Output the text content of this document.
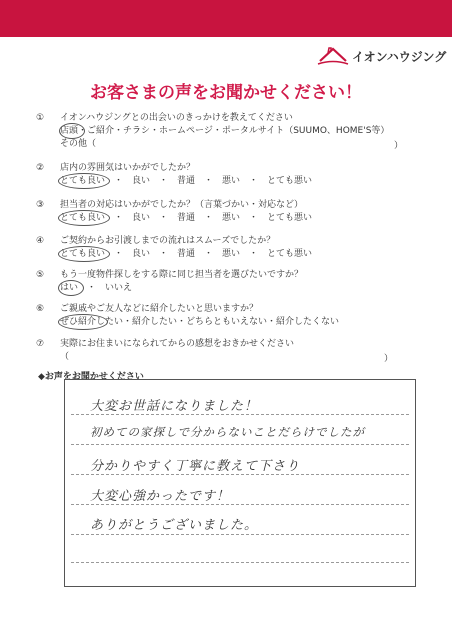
イオンハウジング
お客さまの声をお聞かせください！
①	イオンハウジングとの出会いのきっかけを教えてください
店頭・ご紹介・チラシ・ホームページ・ポータルサイト（SUUMO、HOME'S等）
その他（	）
②	店内の雰囲気はいかがでしたか？
とても良い　・　良い　・　普通　・　悪い　・　とても悪い
③	担当者の対応はいかがでしたか？（言葉づかい・対応など）
とても良い　・　良い　・　普通　・　悪い　・　とても悪い
④	ご契約からお引渡しまでの流れはスムーズでしたか？
とても良い　・　良い　・　普通　・　悪い　・　とても悪い
⑤	もう一度物件探しをする際に同じ担当者を選びたいですか？
はい　・　いいえ
⑥	ご親戚やご友人などに紹介したいと思いますか？
ぜひ紹介したい・紹介したい・どちらともいえない・紹介したくない
⑦	実際にお住まいになられてからの感想をおきかせください
（	）
◆お声をお聞かせください
大変お世話になりました！
初めての家探しで分からないことだらけでしたが
分かりやすく丁寧に教えて下さり
大変心強かったです！
ありがとうございました。
